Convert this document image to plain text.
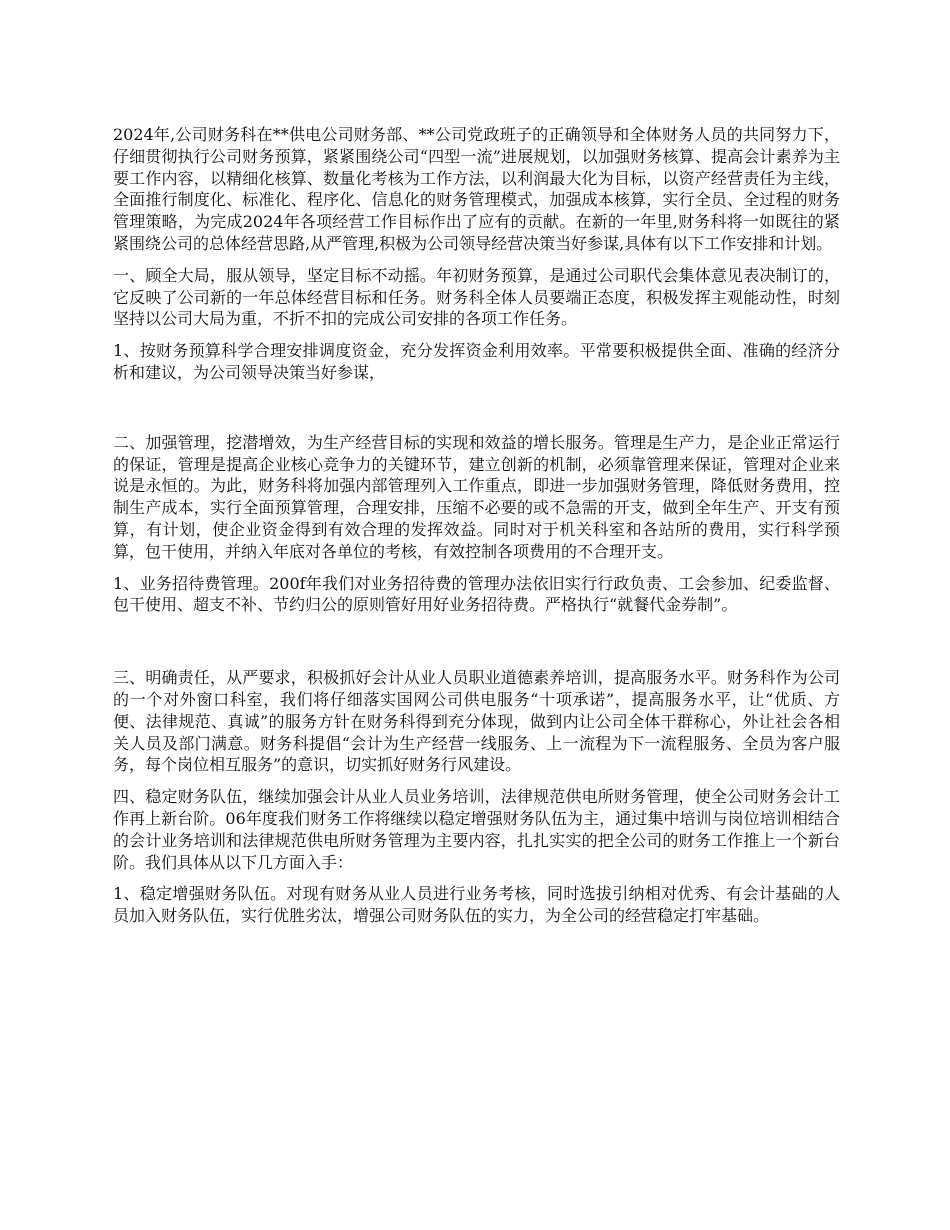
2024年,公司财务科在**供电公司财务部、**公司党政班子的正确领导和全体财务人员的共同努力下，仔细贯彻执行公司财务预算，紧紧围绕公司“四型一流”进展规划，以加强财务核算、提高会计素养为主要工作内容，以精细化核算、数量化考核为工作方法，以利润最大化为目标，以资产经营责任为主线，全面推行制度化、标准化、程序化、信息化的财务管理模式，加强成本核算，实行全员、全过程的财务管理策略，为完成2024年各项经营工作目标作出了应有的贡献。在新的一年里,财务科将一如既往的紧紧围绕公司的总体经营思路,从严管理,积极为公司领导经营决策当好参谋,具体有以下工作安排和计划。

一、顾全大局，服从领导，坚定目标不动摇。年初财务预算，是通过公司职代会集体意见表决制订的，它反映了公司新的一年总体经营目标和任务。财务科全体人员要端正态度，积极发挥主观能动性，时刻坚持以公司大局为重，不折不扣的完成公司安排的各项工作任务。

1、按财务预算科学合理安排调度资金，充分发挥资金利用效率。平常要积极提供全面、准确的经济分析和建议，为公司领导决策当好参谋，

二、加强管理，挖潜增效，为生产经营目标的实现和效益的增长服务。管理是生产力，是企业正常运行的保证，管理是提高企业核心竞争力的关键环节，建立创新的机制，必须靠管理来保证，管理对企业来说是永恒的。为此，财务科将加强内部管理列入工作重点，即进一步加强财务管理，降低财务费用，控制生产成本，实行全面预算管理，合理安排，压缩不必要的或不急需的开支，做到全年生产、开支有预算，有计划，使企业资金得到有效合理的发挥效益。同时对于机关科室和各站所的费用，实行科学预算，包干使用，并纳入年底对各单位的考核，有效控制各项费用的不合理开支。

1、业务招待费管理。200f年我们对业务招待费的管理办法依旧实行行政负责、工会参加、纪委监督、包干使用、超支不补、节约归公的原则管好用好业务招待费。严格执行“就餐代金券制”。

三、明确责任，从严要求，积极抓好会计从业人员职业道德素养培训，提高服务水平。财务科作为公司的一个对外窗口科室，我们将仔细落实国网公司供电服务“十项承诺”，提高服务水平，让“优质、方便、法律规范、真诚”的服务方针在财务科得到充分体现，做到内让公司全体干群称心，外让社会各相关人员及部门满意。财务科提倡“会计为生产经营一线服务、上一流程为下一流程服务、全员为客户服务，每个岗位相互服务”的意识，切实抓好财务行风建设。

四、稳定财务队伍，继续加强会计从业人员业务培训，法律规范供电所财务管理，使全公司财务会计工作再上新台阶。06年度我们财务工作将继续以稳定增强财务队伍为主，通过集中培训与岗位培训相结合的会计业务培训和法律规范供电所财务管理为主要内容，扎扎实实的把全公司的财务工作推上一个新台阶。我们具体从以下几方面入手：

1、稳定增强财务队伍。对现有财务从业人员进行业务考核，同时选拔引纳相对优秀、有会计基础的人员加入财务队伍，实行优胜劣汰，增强公司财务队伍的实力，为全公司的经营稳定打牢基础。
